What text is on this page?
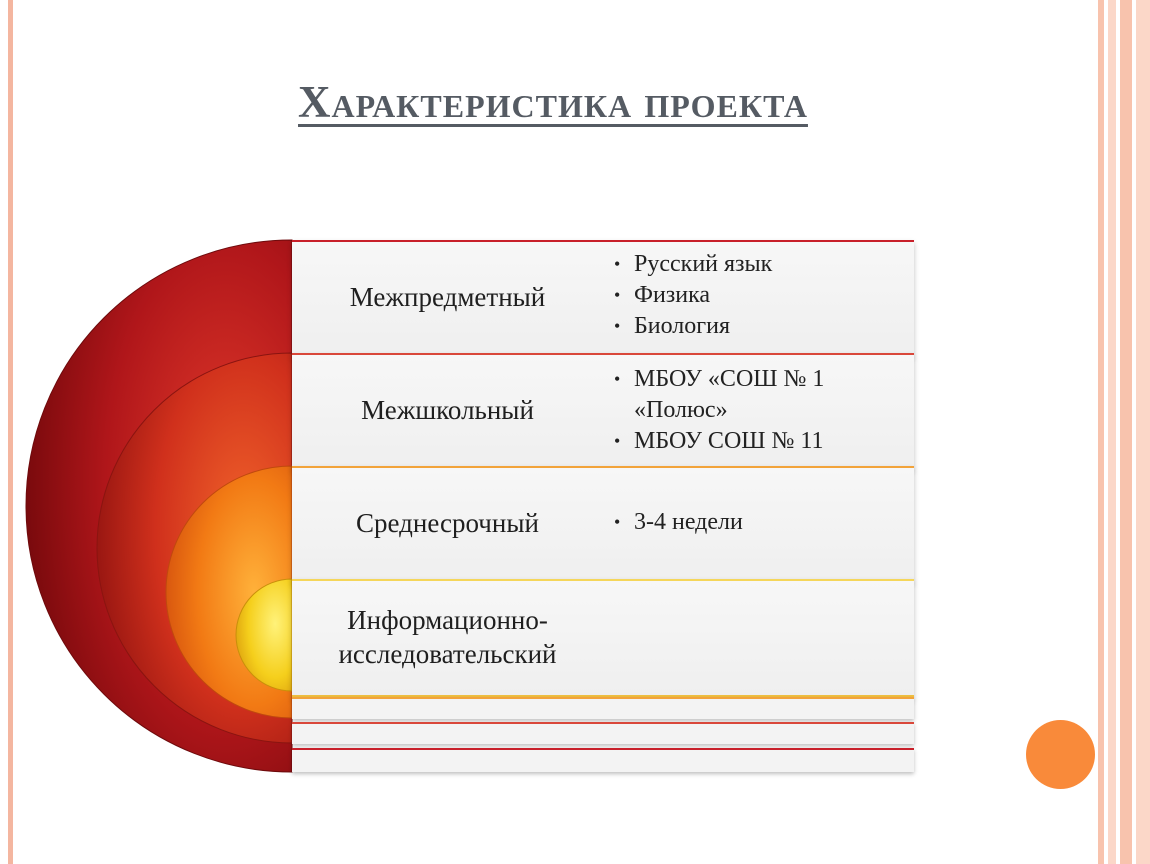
Характеристика проекта
Межпредметный
• Русский язык
• Физика
• Биология
Межшкольный
• МБОУ «СОШ № 1 «Полюс»
• МБОУ СОШ № 11
Среднесрочный
•	3-4 недели
Информационно-исследовательский
